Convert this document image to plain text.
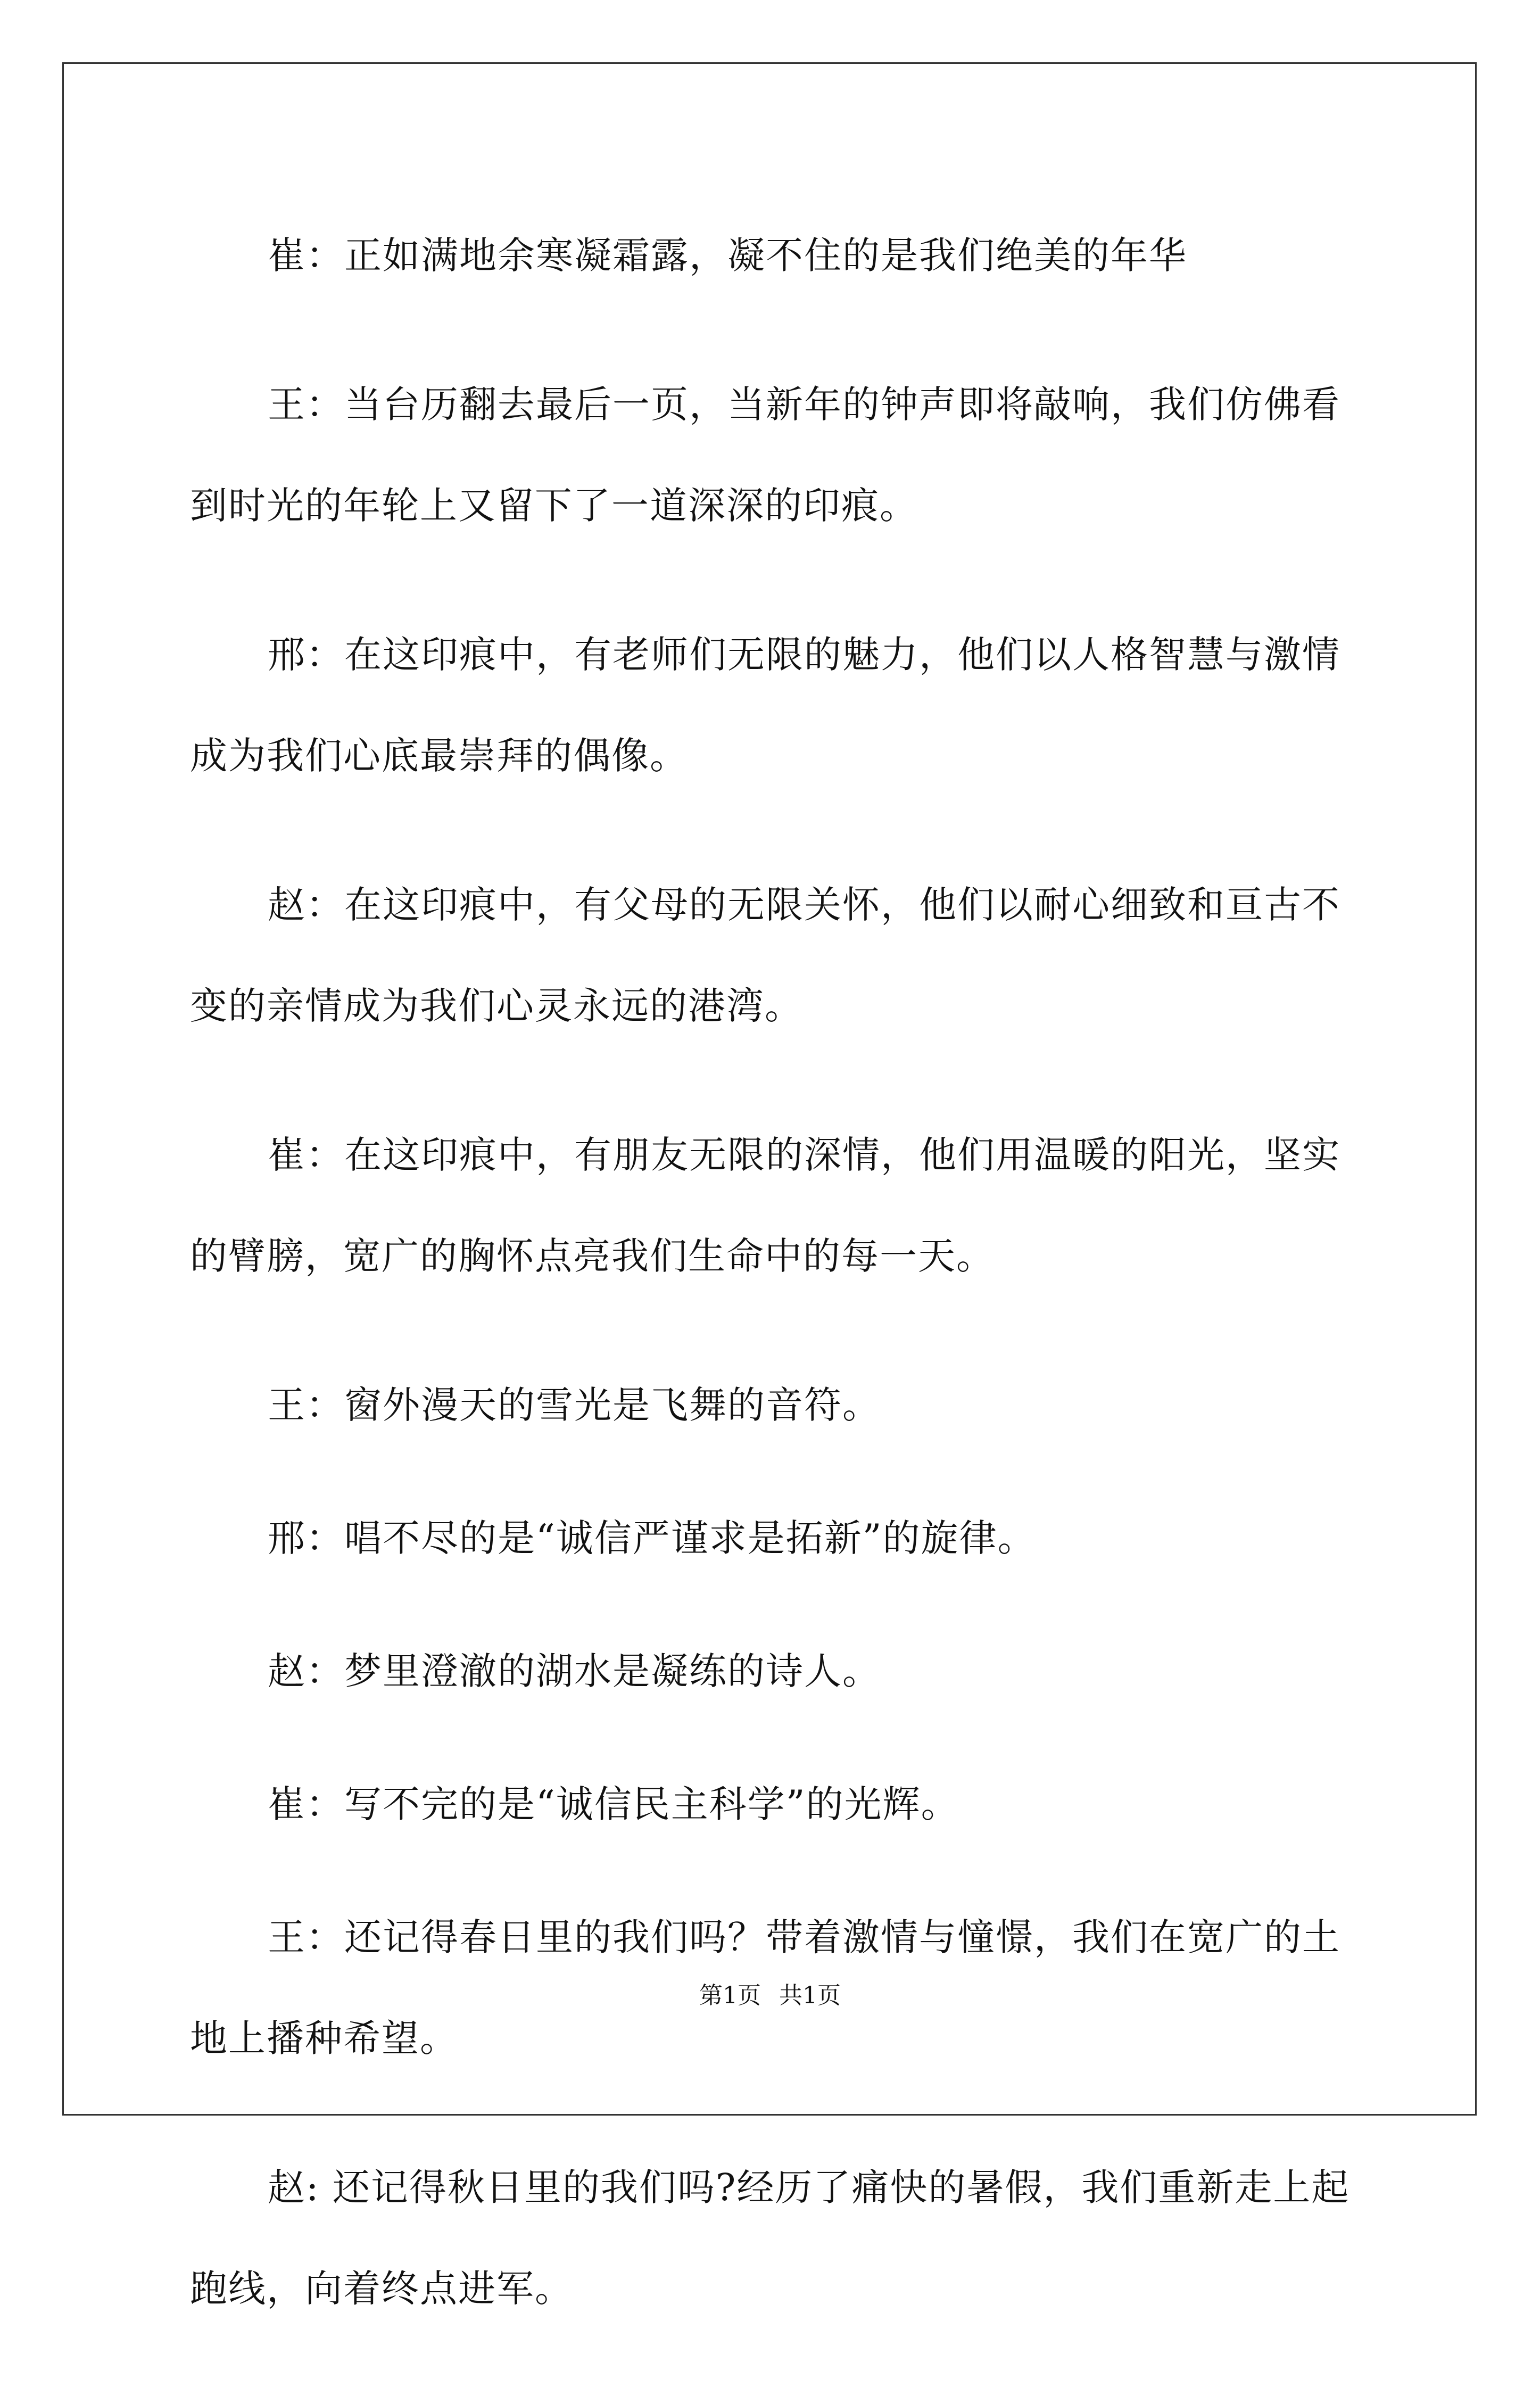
崔：正如满地余寒凝霜露，凝不住的是我们绝美的年华

王：当台历翻去最后一页，当新年的钟声即将敲响，我们仿佛看到时光的年轮上又留下了一道深深的印痕。

邢：在这印痕中，有老师们无限的魅力，他们以人格智慧与激情成为我们心底最崇拜的偶像。

赵：在这印痕中，有父母的无限关怀，他们以耐心细致和亘古不变的亲情成为我们心灵永远的港湾。

崔：在这印痕中，有朋友无限的深情，他们用温暖的阳光，坚实的臂膀，宽广的胸怀点亮我们生命中的每一天。

王：窗外漫天的雪光是飞舞的音符。

邢：唱不尽的是“诚信严谨求是拓新”的旋律。

赵：梦里澄澈的湖水是凝练的诗人。

崔：写不完的是“诚信民主科学”的光辉。

王：还记得春日里的我们吗？带着激情与憧憬，我们在宽广的土地上播种希望。

赵: 还记得秋日里的我们吗?经历了痛快的暑假，我们重新走上起跑线，向着终点进军。

第1页 共1页
